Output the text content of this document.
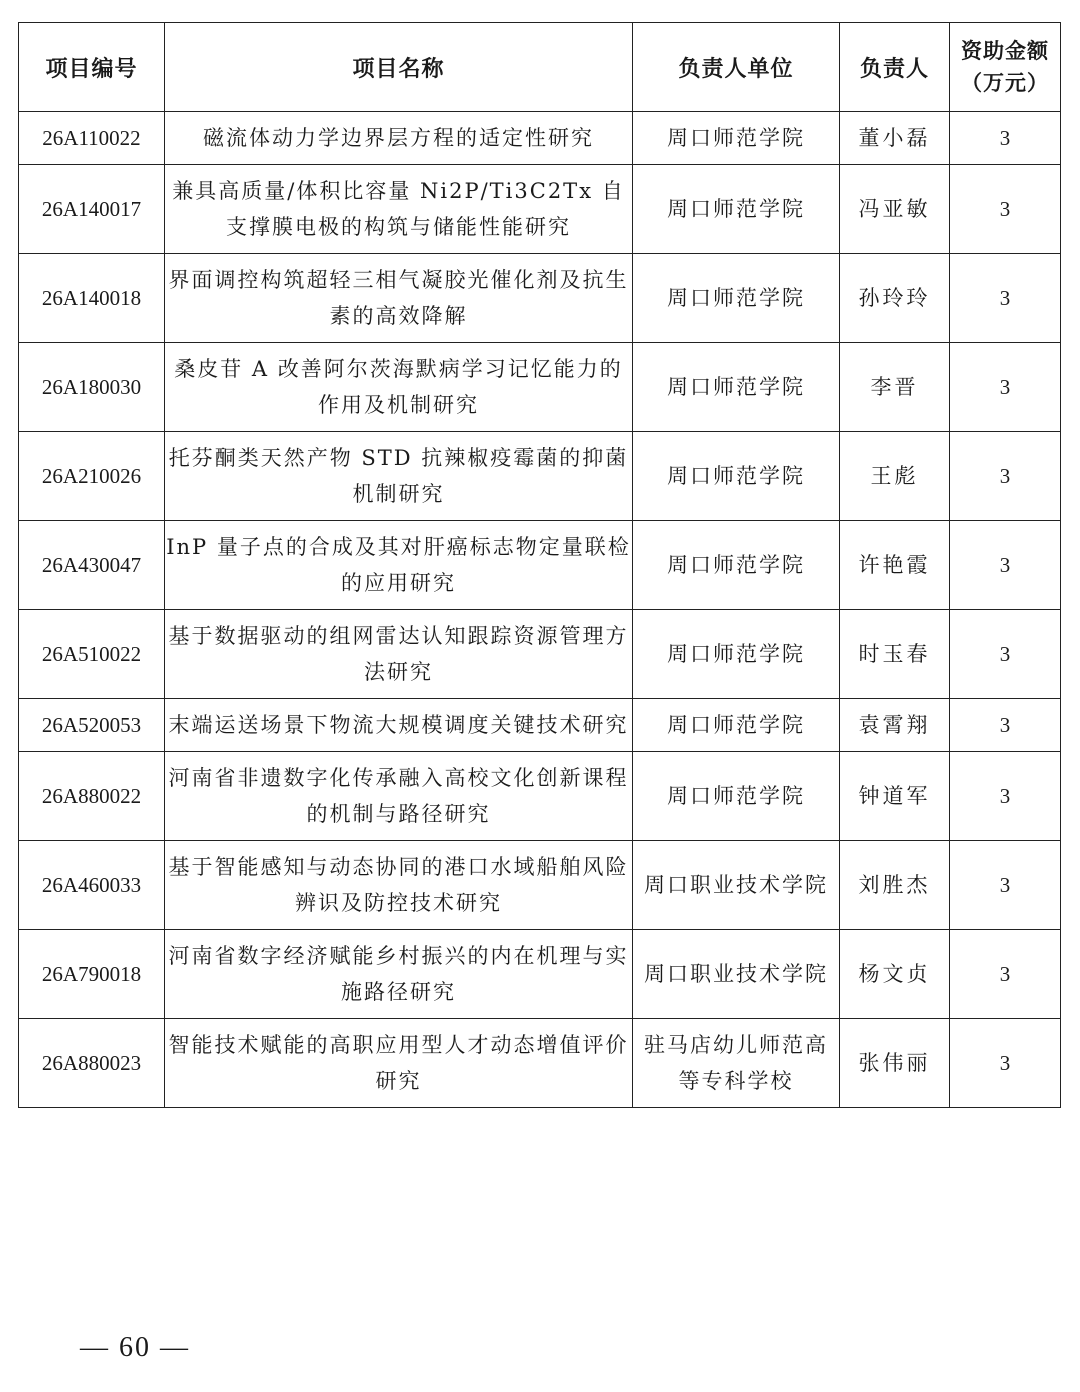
项目编号	项目名称	负责人单位	负责人	资助金额
（万元）

26A110022	磁流体动力学边界层方程的适定性研究	周口师范学院	董小磊	3
26A140017	兼具高质量/体积比容量 Ni2P/Ti3C2Tx 自支撑膜电极的构筑与储能性能研究	周口师范学院	冯亚敏	3
26A140018	界面调控构筑超轻三相气凝胶光催化剂及抗生素的高效降解	周口师范学院	孙玲玲	3
26A180030	桑皮苷 A 改善阿尔茨海默病学习记忆能力的作用及机制研究	周口师范学院	李晋	3
26A210026	托芬酮类天然产物 STD 抗辣椒疫霉菌的抑菌机制研究	周口师范学院	王彪	3
26A430047	InP 量子点的合成及其对肝癌标志物定量联检的应用研究	周口师范学院	许艳霞	3
26A510022	基于数据驱动的组网雷达认知跟踪资源管理方法研究	周口师范学院	时玉春	3
26A520053	末端运送场景下物流大规模调度关键技术研究	周口师范学院	袁霄翔	3
26A880022	河南省非遗数字化传承融入高校文化创新课程的机制与路径研究	周口师范学院	钟道军	3
26A460033	基于智能感知与动态协同的港口水域船舶风险辨识及防控技术研究	周口职业技术学院	刘胜杰	3
26A790018	河南省数字经济赋能乡村振兴的内在机理与实施路径研究	周口职业技术学院	杨文贞	3
26A880023	智能技术赋能的高职应用型人才动态增值评价研究	驻马店幼儿师范高等专科学校	张伟丽	3
— 60 —
